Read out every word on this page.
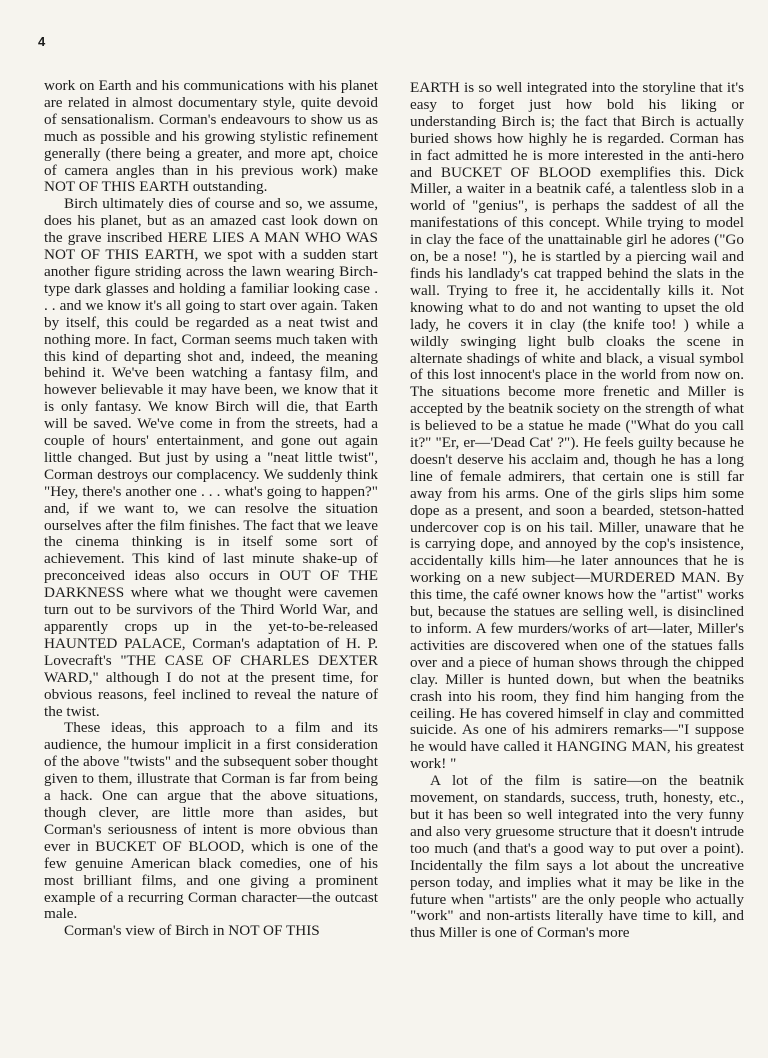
4

work on Earth and his communications with his planet are related in almost documentary style, quite devoid of sensationalism. Corman's endeavours to show us as much as possible and his growing stylistic refinement generally (there being a greater, and more apt, choice of camera angles than in his previous work) make NOT OF THIS EARTH outstanding.

Birch ultimately dies of course and so, we assume, does his planet, but as an amazed cast look down on the grave inscribed HERE LIES A MAN WHO WAS NOT OF THIS EARTH, we spot with a sudden start another figure striding across the lawn wearing Birch-type dark glasses and holding a familiar looking case . . . and we know it's all going to start over again. Taken by itself, this could be regarded as a neat twist and nothing more. In fact, Corman seems much taken with this kind of departing shot and, indeed, the meaning behind it. We've been watching a fantasy film, and however believable it may have been, we know that it is only fantasy. We know Birch will die, that Earth will be saved. We've come in from the streets, had a couple of hours' entertainment, and gone out again little changed. But just by using a "neat little twist", Corman destroys our complacency. We suddenly think "Hey, there's another one . . . what's going to happen?" and, if we want to, we can resolve the situation ourselves after the film finishes. The fact that we leave the cinema thinking is in itself some sort of achievement. This kind of last minute shake-up of preconceived ideas also occurs in OUT OF THE DARKNESS where what we thought were cavemen turn out to be survivors of the Third World War, and apparently crops up in the yet-to-be-released HAUNTED PALACE, Corman's adaptation of H. P. Lovecraft's "THE CASE OF CHARLES DEXTER WARD," although I do not at the present time, for obvious reasons, feel inclined to reveal the nature of the twist.

These ideas, this approach to a film and its audience, the humour implicit in a first consideration of the above "twists" and the subsequent sober thought given to them, illustrate that Corman is far from being a hack. One can argue that the above situations, though clever, are little more than asides, but Corman's seriousness of intent is more obvious than ever in BUCKET OF BLOOD, which is one of the few genuine American black comedies, one of his most brilliant films, and one giving a prominent example of a recurring Corman character—the outcast male.

Corman's view of Birch in NOT OF THIS

EARTH is so well integrated into the storyline that it's easy to forget just how bold his liking or understanding Birch is; the fact that Birch is actually buried shows how highly he is regarded. Corman has in fact admitted he is more interested in the anti-hero and BUCKET OF BLOOD exemplifies this. Dick Miller, a waiter in a beatnik café, a talentless slob in a world of "genius", is perhaps the saddest of all the manifestations of this concept. While trying to model in clay the face of the unattainable girl he adores ("Go on, be a nose! "), he is startled by a piercing wail and finds his landlady's cat trapped behind the slats in the wall. Trying to free it, he accidentally kills it. Not knowing what to do and not wanting to upset the old lady, he covers it in clay (the knife too! ) while a wildly swinging light bulb cloaks the scene in alternate shadings of white and black, a visual symbol of this lost innocent's place in the world from now on. The situations become more frenetic and Miller is accepted by the beatnik society on the strength of what is believed to be a statue he made ("What do you call it?" "Er, er—'Dead Cat' ?"). He feels guilty because he doesn't deserve his acclaim and, though he has a long line of female admirers, that certain one is still far away from his arms. One of the girls slips him some dope as a present, and soon a bearded, stetson-hatted undercover cop is on his tail. Miller, unaware that he is carrying dope, and annoyed by the cop's insistence, accidentally kills him—he later announces that he is working on a new subject—MURDERED MAN. By this time, the café owner knows how the "artist" works but, because the statues are selling well, is disinclined to inform. A few murders/works of art—later, Miller's activities are discovered when one of the statues falls over and a piece of human shows through the chipped clay. Miller is hunted down, but when the beatniks crash into his room, they find him hanging from the ceiling. He has covered himself in clay and committed suicide. As one of his admirers remarks—"I suppose he would have called it HANGING MAN, his greatest work! "

A lot of the film is satire—on the beatnik movement, on standards, success, truth, honesty, etc., but it has been so well integrated into the very funny and also very gruesome structure that it doesn't intrude too much (and that's a good way to put over a point). Incidentally the film says a lot about the uncreative person today, and implies what it may be like in the future when "artists" are the only people who actually "work" and non-artists literally have time to kill, and thus Miller is one of Corman's more
